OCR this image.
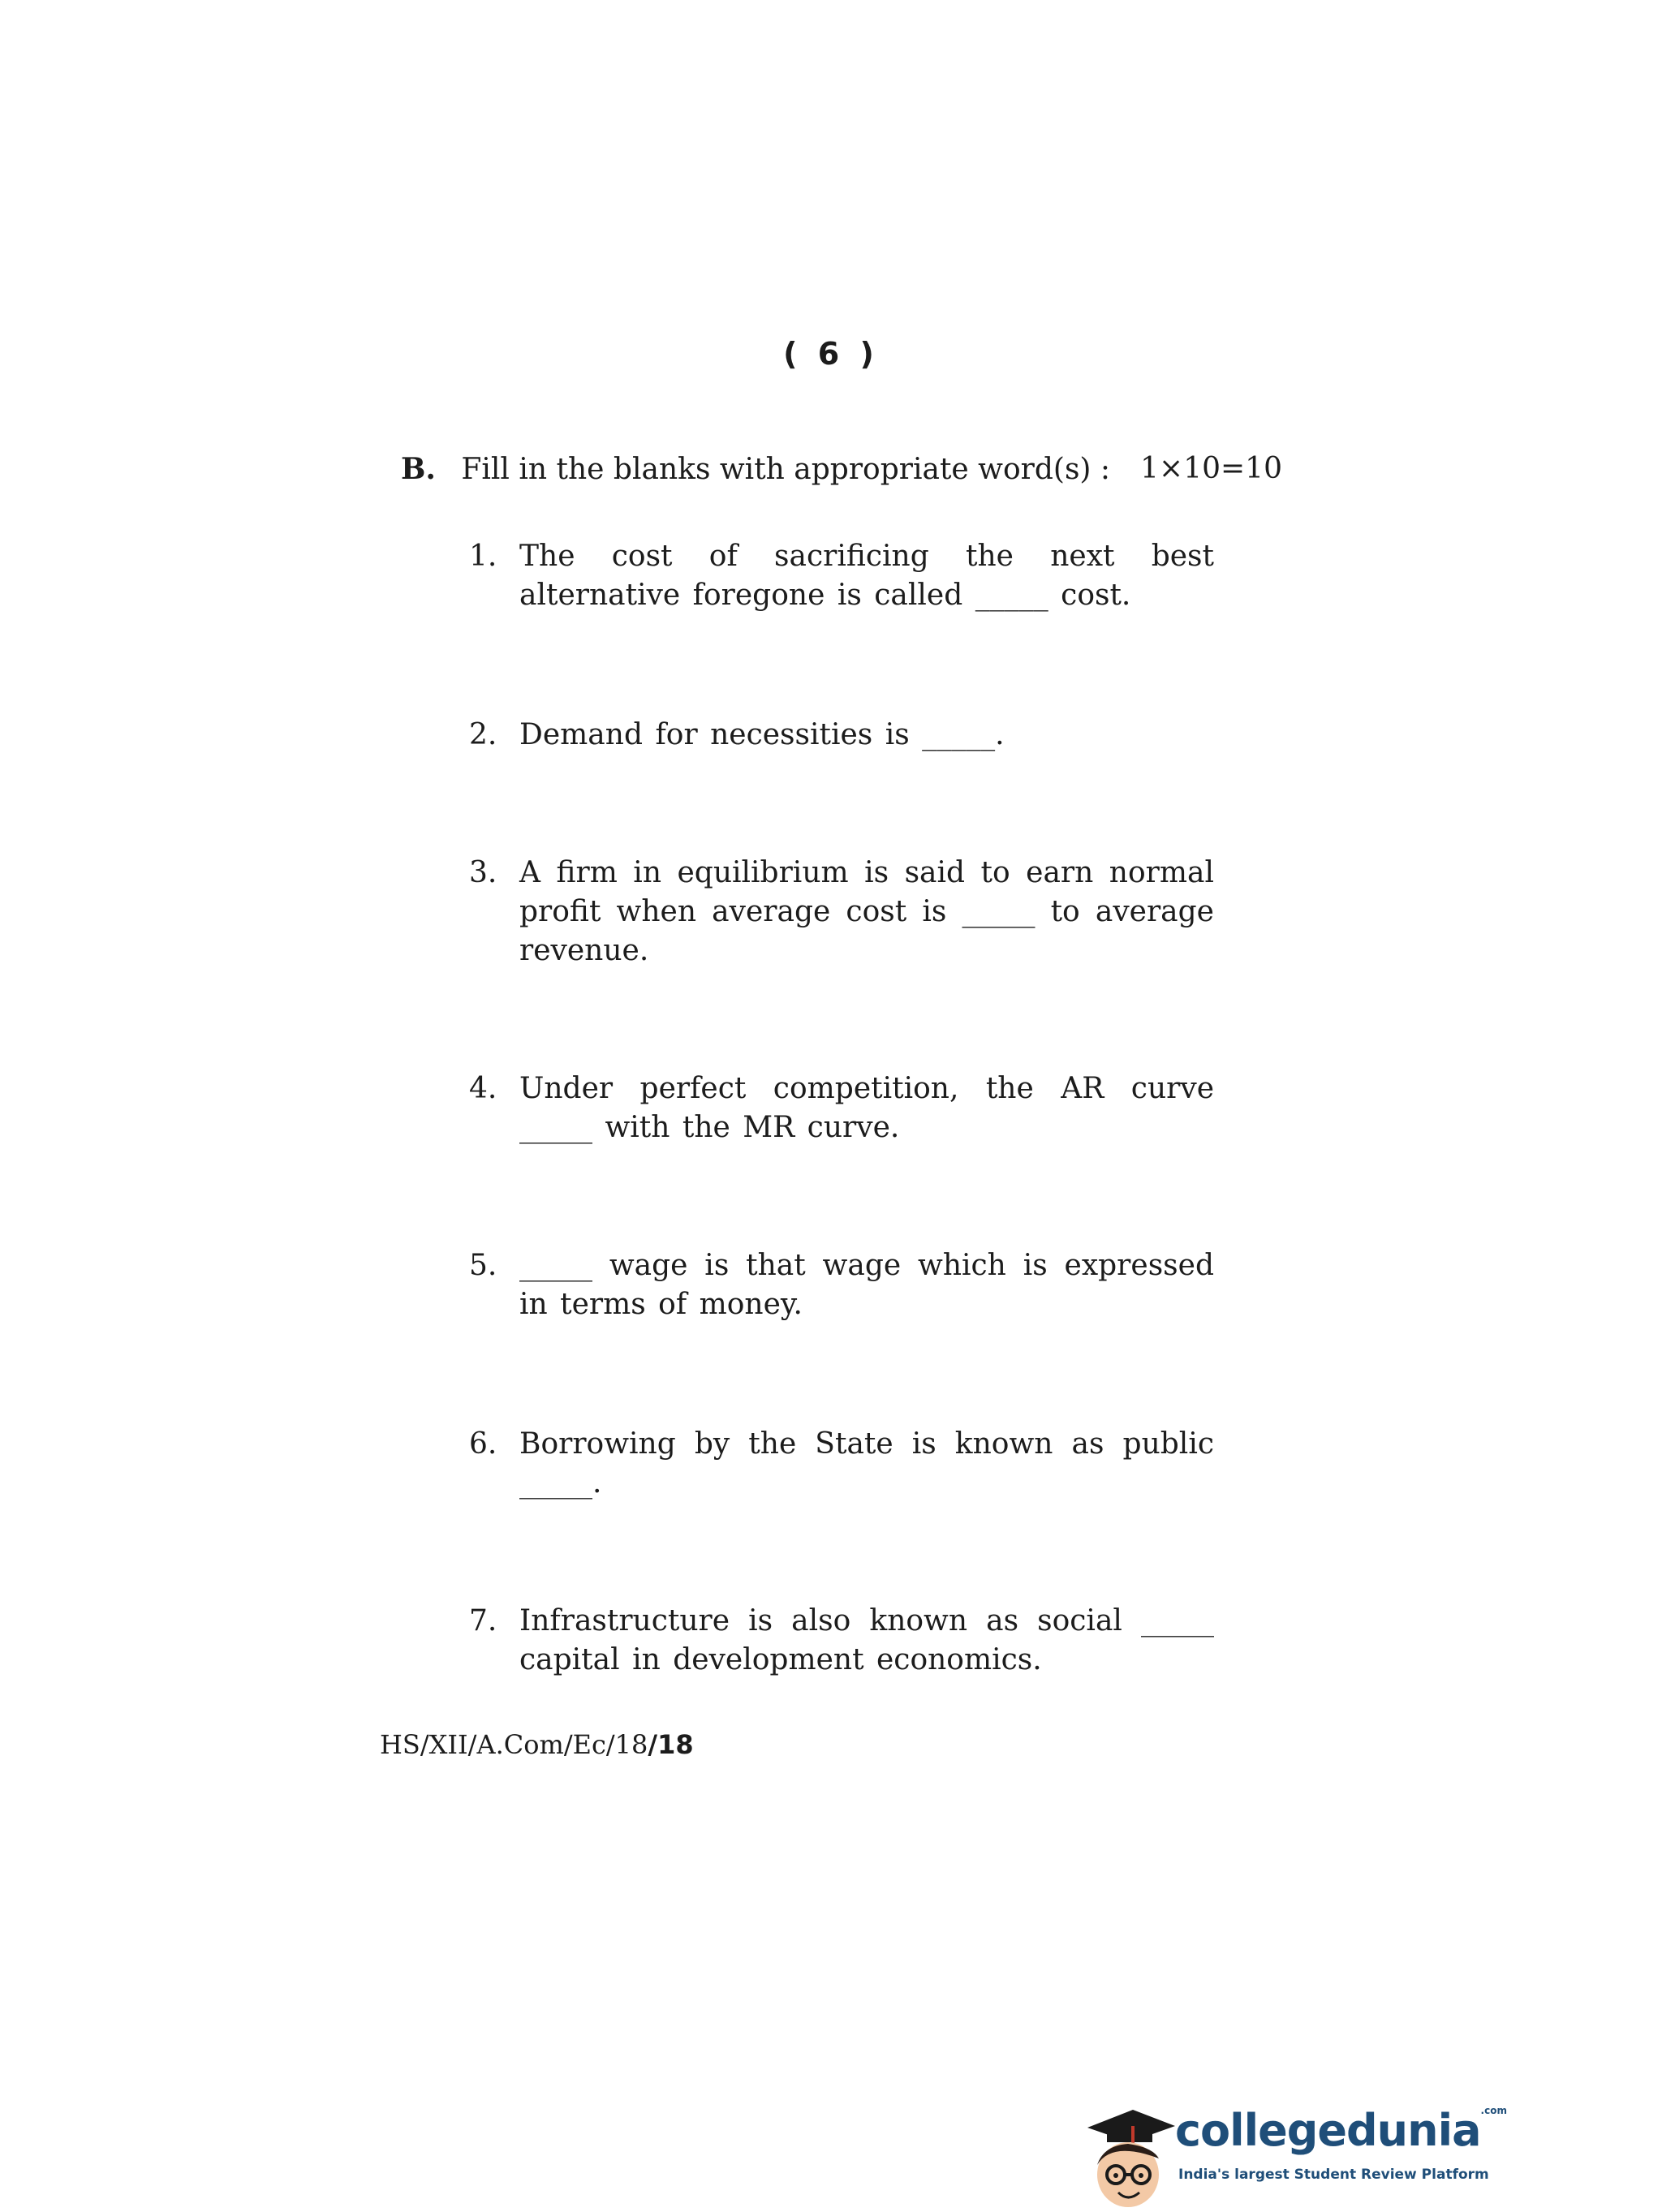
( 6 )
B. Fill in the blanks with appropriate word(s) : 1×10=10
1. The cost of sacrificing the next best alternative foregone is called _____ cost.
2. Demand for necessities is _____.
3. A firm in equilibrium is said to earn normal profit when average cost is _____ to average revenue.
4. Under perfect competition, the AR curve _____ with the MR curve.
5. _____ wage is that wage which is expressed in terms of money.
6. Borrowing by the State is known as public _____.
7. Infrastructure is also known as social _____ capital in development economics.
HS/XII/A.Com/Ec/18/18
collegedunia$^{.com}$
India's largest Student Review Platform
